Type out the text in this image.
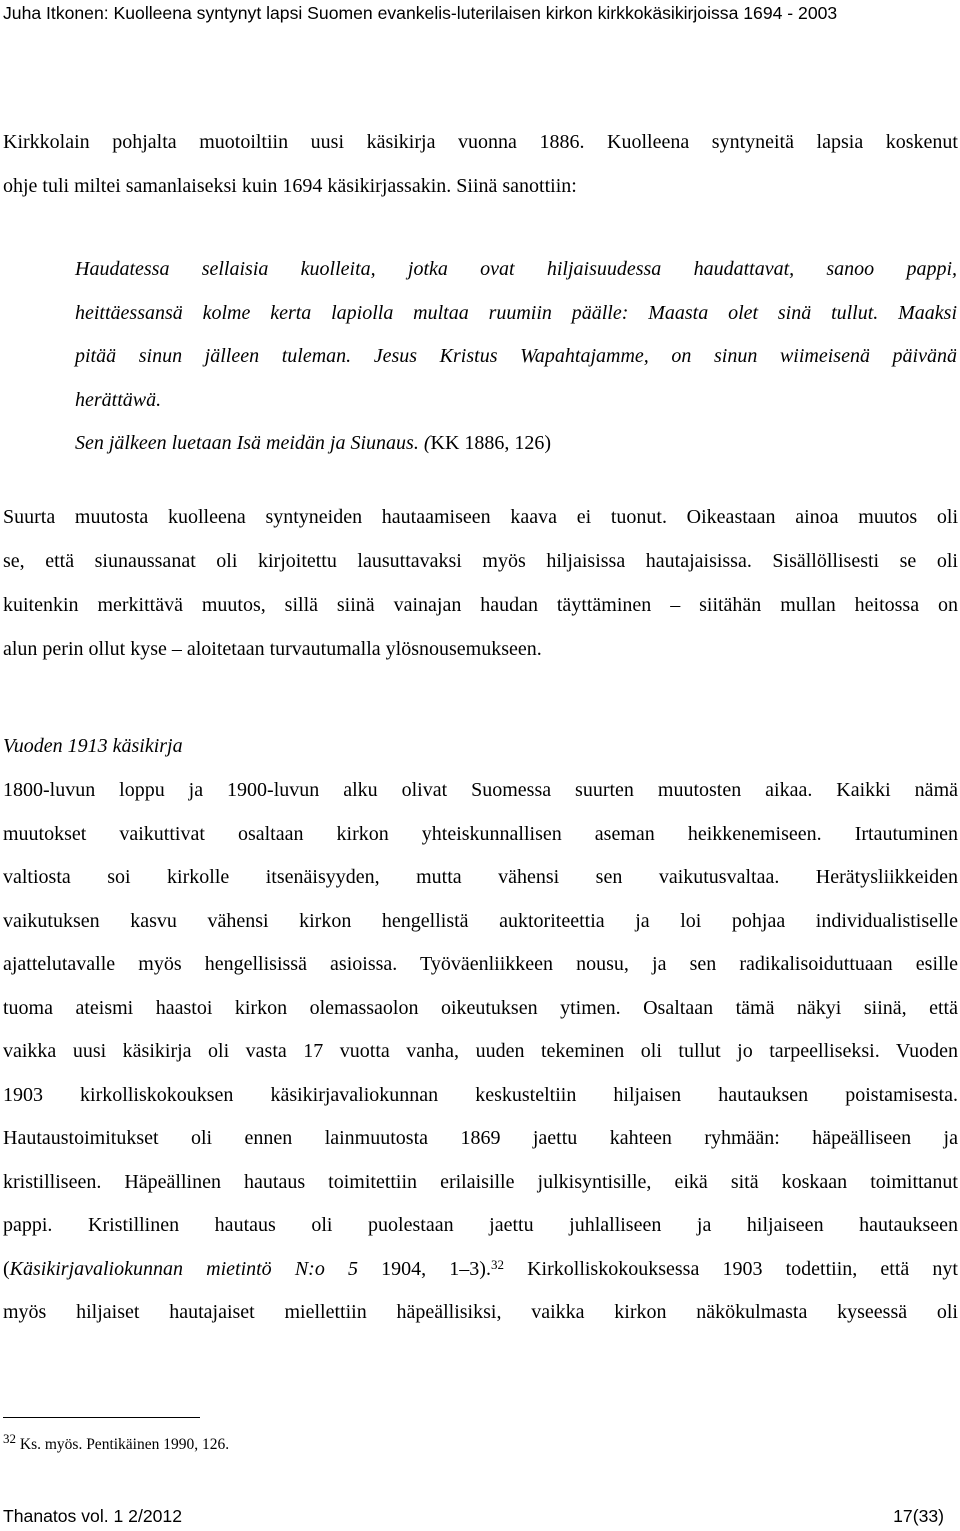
Juha Itkonen: Kuolleena syntynyt lapsi Suomen evankelis-luterilaisen kirkon kirkkokäsikirjoissa 1694 - 2003
Kirkkolain pohjalta muotoiltiin uusi käsikirja vuonna 1886. Kuolleena syntyneitä lapsia koskenut
ohje tuli miltei samanlaiseksi kuin 1694 käsikirjassakin. Siinä sanottiin:
Haudatessa sellaisia kuolleita, jotka ovat hiljaisuudessa haudattavat, sanoo pappi,
heittäessansä kolme kerta lapiolla multaa ruumiin päälle: Maasta olet sinä tullut. Maaksi
pitää sinun jälleen tuleman. Jesus Kristus Wapahtajamme, on sinun wiimeisenä päivänä
herättäwä.
Sen jälkeen luetaan Isä meidän ja Siunaus. (KK 1886, 126)
Suurta muutosta kuolleena syntyneiden hautaamiseen kaava ei tuonut. Oikeastaan ainoa muutos oli
se, että siunaussanat oli kirjoitettu lausuttavaksi myös hiljaisissa hautajaisissa. Sisällöllisesti se oli
kuitenkin merkittävä muutos, sillä siinä vainajan haudan täyttäminen – siitähän mullan heitossa on
alun perin ollut kyse – aloitetaan turvautumalla ylösnousemukseen.
Vuoden 1913 käsikirja
1800-luvun loppu ja 1900-luvun alku olivat Suomessa suurten muutosten aikaa. Kaikki nämä
muutokset vaikuttivat osaltaan kirkon yhteiskunnallisen aseman heikkenemiseen. Irtautuminen
valtiosta soi kirkolle itsenäisyyden, mutta vähensi sen vaikutusvaltaa. Herätysliikkeiden
vaikutuksen kasvu vähensi kirkon hengellistä auktoriteettia ja loi pohjaa individualistiselle
ajattelutavalle myös hengellisissä asioissa. Työväenliikkeen nousu, ja sen radikalisoiduttuaan esille
tuoma ateismi haastoi kirkon olemassaolon oikeutuksen ytimen. Osaltaan tämä näkyi siinä, että
vaikka uusi käsikirja oli vasta 17 vuotta vanha, uuden tekeminen oli tullut jo tarpeelliseksi. Vuoden
1903 kirkolliskokouksen käsikirjavaliokunnan keskusteltiin hiljaisen hautauksen poistamisesta.
Hautaustoimitukset oli ennen lainmuutosta 1869 jaettu kahteen ryhmään: häpeälliseen ja
kristilliseen. Häpeällinen hautaus toimitettiin erilaisille julkisyntisille, eikä sitä koskaan toimittanut
pappi. Kristillinen hautaus oli puolestaan jaettu juhlalliseen ja hiljaiseen hautaukseen
(Käsikirjavaliokunnan mietintö N:o 5 1904, 1–3).$^{32}$ Kirkolliskokouksessa 1903 todettiin, että nyt
myös hiljaiset hautajaiset miellettiin häpeällisiksi, vaikka kirkon näkökulmasta kyseessä oli

$^{32}$ Ks. myös. Pentikäinen 1990, 126.

Thanatos vol. 1 2/2012	17(33)
